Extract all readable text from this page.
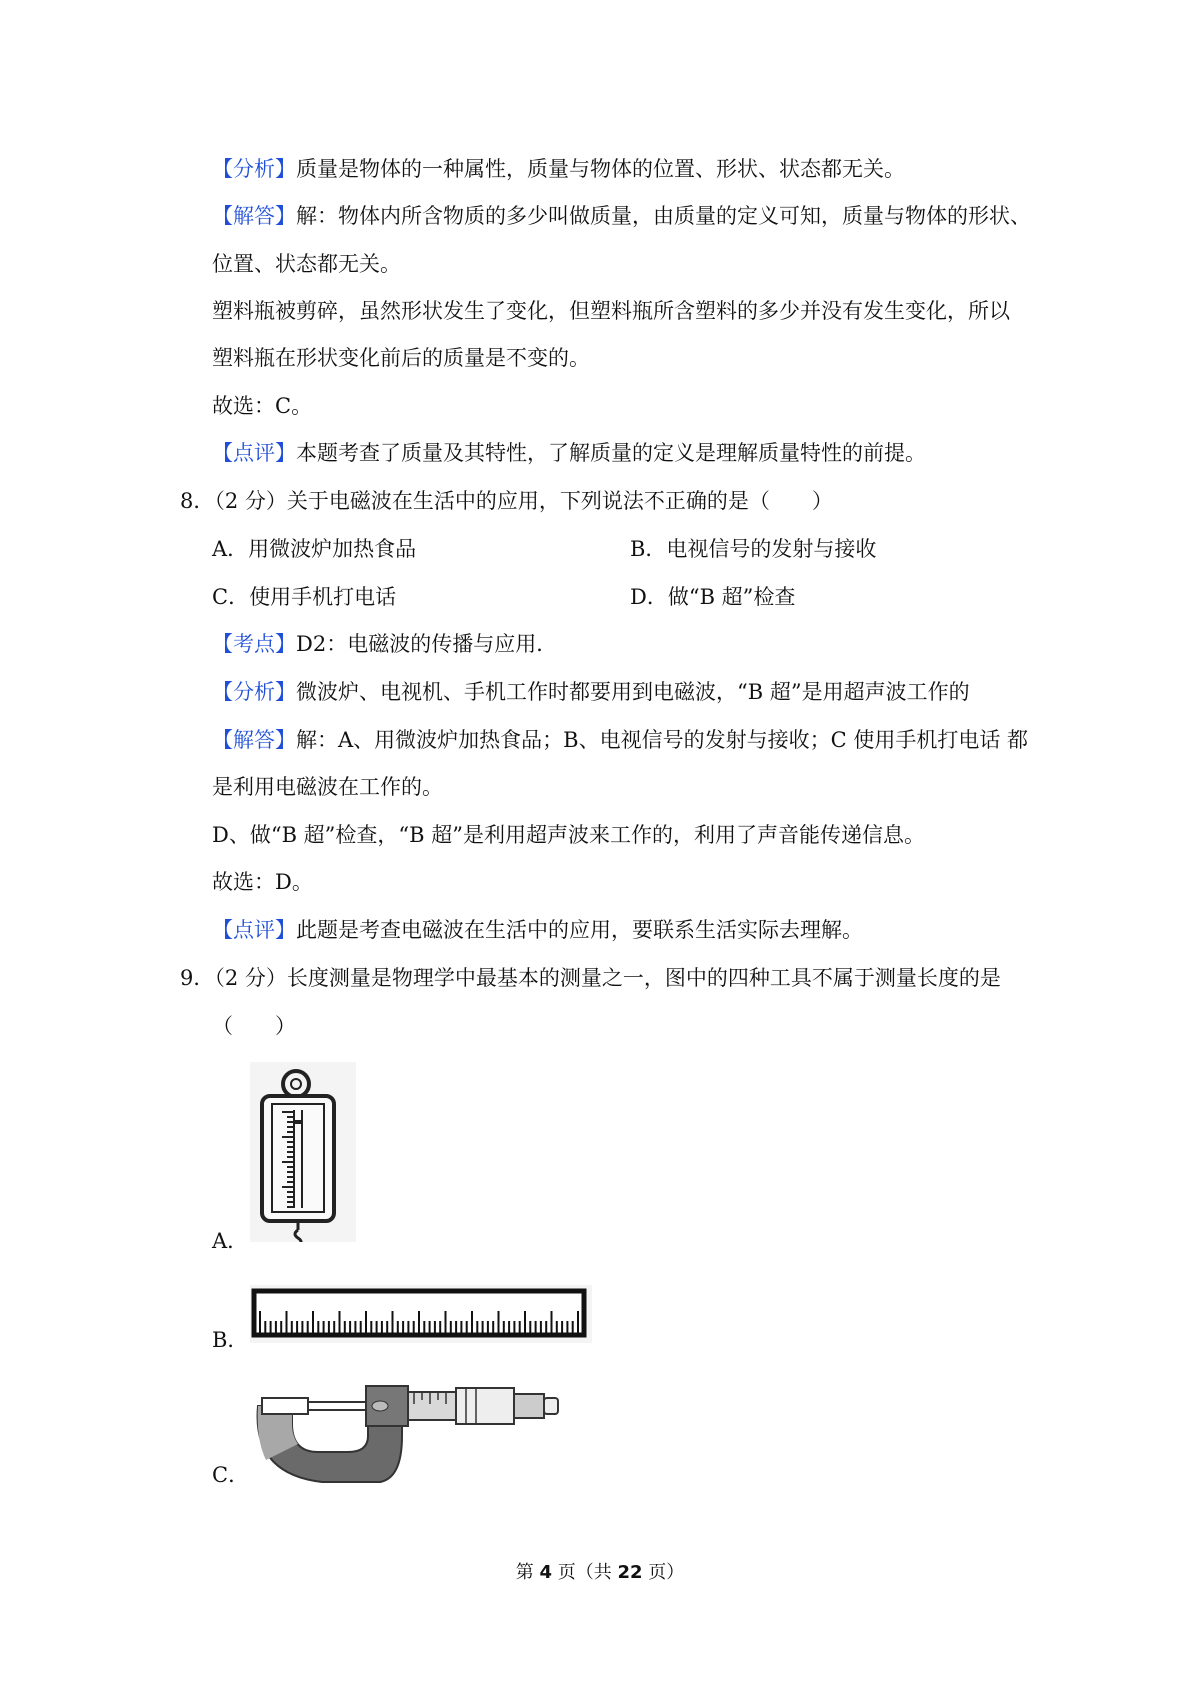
【分析】质量是物体的一种属性，质量与物体的位置、形状、状态都无关。
【解答】解：物体内所含物质的多少叫做质量，由质量的定义可知，质量与物体的形状、
位置、状态都无关。
塑料瓶被剪碎，虽然形状发生了变化，但塑料瓶所含塑料的多少并没有发生变化，所以
塑料瓶在形状变化前后的质量是不变的。
故选：C。
【点评】本题考查了质量及其特性，了解质量的定义是理解质量特性的前提。
8．（2 分）关于电磁波在生活中的应用，下列说法不正确的是（　　）
A．用微波炉加热食品	B．电视信号的发射与接收
C．使用手机打电话	D．做“B 超”检查
【考点】D2：电磁波的传播与应用．
【分析】微波炉、电视机、手机工作时都要用到电磁波，“B 超”是用超声波工作的
【解答】解：A、用微波炉加热食品；B、电视信号的发射与接收；C 使用手机打电话 都
是利用电磁波在工作的。
D、做“B 超”检查，“B 超”是利用超声波来工作的，利用了声音能传递信息。
故选：D。
【点评】此题是考查电磁波在生活中的应用，要联系生活实际去理解。
9．（2 分）长度测量是物理学中最基本的测量之一，图中的四种工具不属于测量长度的是
（　　）
A．
B．
C．
第 4 页（共 22 页）
